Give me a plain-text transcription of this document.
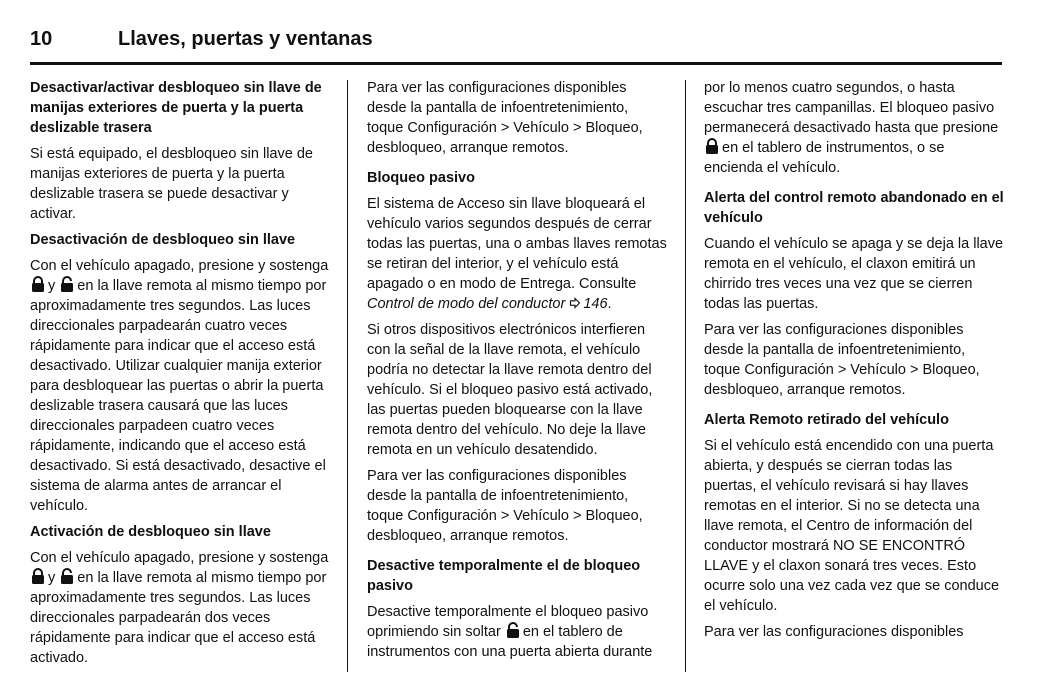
10	Llaves, puertas y ventanas
Desactivar/activar desbloqueo sin llave de manijas exteriores de puerta y la puerta deslizable trasera

Si está equipado, el desbloqueo sin llave de manijas exteriores de puerta y la puerta deslizable trasera se puede desactivar y activar.

Desactivación de desbloqueo sin llave

Con el vehículo apagado, presione y sostenga y en la llave remota al mismo tiempo por aproximadamente tres segundos. Las luces direccionales parpadearán cuatro veces rápidamente para indicar que el acceso está desactivado. Utilizar cualquier manija exterior para desbloquear las puertas o abrir la puerta deslizable trasera causará que las luces direccionales parpadeen cuatro veces rápidamente, indicando que el acceso está desactivado. Si está desactivado, desactive el sistema de alarma antes de arrancar el vehículo.

Activación de desbloqueo sin llave

Con el vehículo apagado, presione y sostenga y en la llave remota al mismo tiempo por aproximadamente tres segundos. Las luces direccionales parpadearán dos veces rápidamente para indicar que el acceso está activado.

Para ver las configuraciones disponibles desde la pantalla de infoentretenimiento, toque Configuración > Vehículo > Bloqueo, desbloqueo, arranque remotos.

Bloqueo pasivo

El sistema de Acceso sin llave bloqueará el vehículo varios segundos después de cerrar todas las puertas, una o ambas llaves remotas se retiran del interior, y el vehículo está apagado o en modo de Entrega. Consulte Control de modo del conductor 146.

Si otros dispositivos electrónicos interfieren con la señal de la llave remota, el vehículo podría no detectar la llave remota dentro del vehículo. Si el bloqueo pasivo está activado, las puertas pueden bloquearse con la llave remota dentro del vehículo. No deje la llave remota en un vehículo desatendido.

Para ver las configuraciones disponibles desde la pantalla de infoentretenimiento, toque Configuración > Vehículo > Bloqueo, desbloqueo, arranque remotos.

Desactive temporalmente el de bloqueo pasivo

Desactive temporalmente el bloqueo pasivo oprimiendo sin soltar en el tablero de instrumentos con una puerta abierta durante

por lo menos cuatro segundos, o hasta escuchar tres campanillas. El bloqueo pasivo permanecerá desactivado hasta que presione en el tablero de instrumentos, o se encienda el vehículo.

Alerta del control remoto abandonado en el vehículo

Cuando el vehículo se apaga y se deja la llave remota en el vehículo, el claxon emitirá un chirrido tres veces una vez que se cierren todas las puertas.

Para ver las configuraciones disponibles desde la pantalla de infoentretenimiento, toque Configuración > Vehículo > Bloqueo, desbloqueo, arranque remotos.

Alerta Remoto retirado del vehículo

Si el vehículo está encendido con una puerta abierta, y después se cierran todas las puertas, el vehículo revisará si hay llaves remotas en el interior. Si no se detecta una llave remota, el Centro de información del conductor mostrará NO SE ENCONTRÓ LLAVE y el claxon sonará tres veces. Esto ocurre solo una vez cada vez que se conduce el vehículo.

Para ver las configuraciones disponibles
